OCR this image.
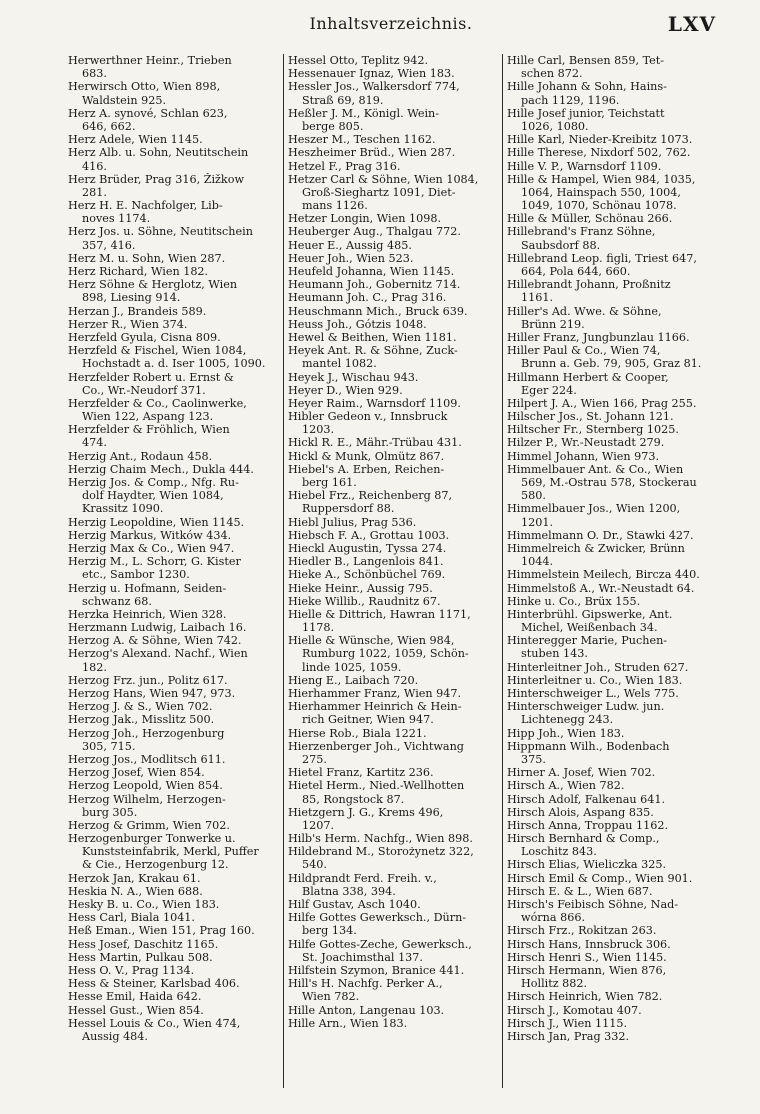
Inhaltsverzeichnis.	LXV
Herwerthner Heinr., Trieben
683.
Herwirsch Otto, Wien 898,
Waldstein 925.
Herz A. synové, Schlan 623,
646, 662.
Herz Adele, Wien 1145.
Herz Alb. u. Sohn, Neutitschein
416.
Herz Brüder, Prag 316, Žižkow
281.
Herz H. E. Nachfolger, Lib-
noves 1174.
Herz Jos. u. Söhne, Neutitschein
357, 416.
Herz M. u. Sohn, Wien 287.
Herz Richard, Wien 182.
Herz Söhne & Herglotz, Wien
898, Liesing 914.
Herzan J., Brandeis 589.
Herzer R., Wien 374.
Herzfeld Gyula, Cisna 809.
Herzfeld & Fischel, Wien 1084,
Hochstadt a. d. Iser 1005, 1090.
Herzfelder Robert u. Ernst &
Co., Wr.-Neudorf 371.
Herzfelder & Co., Caolinwerke,
Wien 122, Aspang 123.
Herzfelder & Fröhlich, Wien
474.
Herzig Ant., Rodaun 458.
Herzig Chaim Mech., Dukla 444.
Herzig Jos. & Comp., Nfg. Ru-
dolf Haydter, Wien 1084,
Krassitz 1090.
Herzig Leopoldine, Wien 1145.
Herzig Markus, Witków 434.
Herzig Max & Co., Wien 947.
Herzig M., L. Schorr, G. Kister
etc., Sambor 1230.
Herzig u. Hofmann, Seiden-
schwanz 68.
Herzka Heinrich, Wien 328.
Herzmann Ludwig, Laibach 16.
Herzog A. & Söhne, Wien 742.
Herzog's Alexand. Nachf., Wien
182.
Herzog Frz. jun., Politz 617.
Herzog Hans, Wien 947, 973.
Herzog J. & S., Wien 702.
Herzog Jak., Misslitz 500.
Herzog Joh., Herzogenburg
305, 715.
Herzog Jos., Modlitsch 611.
Herzog Josef, Wien 854.
Herzog Leopold, Wien 854.
Herzog Wilhelm, Herzogen-
burg 305.
Herzog & Grimm, Wien 702.
Herzogenburger Tonwerke u.
Kunststeinfabrik, Merkl, Puffer
& Cie., Herzogenburg 12.
Herzok Jan, Krakau 61.
Heskia N. A., Wien 688.
Hesky B. u. Co., Wien 183.
Hess Carl, Biala 1041.
Heß Eman., Wien 151, Prag 160.
Hess Josef, Daschitz 1165.
Hess Martin, Pulkau 508.
Hess O. V., Prag 1134.
Hess & Steiner, Karlsbad 406.
Hesse Emil, Haida 642.
Hessel Gust., Wien 854.
Hessel Louis & Co., Wien 474,
Aussig 484.
Hessel Otto, Teplitz 942.
Hessenauer Ignaz, Wien 183.
Hessler Jos., Walkersdorf 774,
Straß 69, 819.
Heßler J. M., Königl. Wein-
berge 805.
Heszer M., Teschen 1162.
Heszheimer Brüd., Wien 287.
Hetzel F., Prag 316.
Hetzer Carl & Söhne, Wien 1084,
Groß-Sieghartz 1091, Diet-
mans 1126.
Hetzer Longin, Wien 1098.
Heuberger Aug., Thalgau 772.
Heuer E., Aussig 485.
Heuer Joh., Wien 523.
Heufeld Johanna, Wien 1145.
Heumann Joh., Gobernitz 714.
Heumann Joh. C., Prag 316.
Heuschmann Mich., Bruck 639.
Heuss Joh., Gótzis 1048.
Hewel & Beithen, Wien 1181.
Heyek Ant. R. & Söhne, Zuck-
mantel 1082.
Heyek J., Wischau 943.
Heyer D., Wien 929.
Heyer Raim., Warnsdorf 1109.
Hibler Gedeon v., Innsbruck
1203.
Hickl R. E., Mähr.-Trübau 431.
Hickl & Munk, Olmütz 867.
Hiebel's A. Erben, Reichen-
berg 161.
Hiebel Frz., Reichenberg 87,
Ruppersdorf 88.
Hiebl Julius, Prag 536.
Hiebsch F. A., Grottau 1003.
Hieckl Augustin, Tyssa 274.
Hiedler B., Langenlois 841.
Hieke A., Schönbüchel 769.
Hieke Heinr., Aussig 795.
Hieke Willib., Raudnitz 67.
Hielle & Dittrich, Hawran 1171,
1178.
Hielle & Wünsche, Wien 984,
Rumburg 1022, 1059, Schön-
linde 1025, 1059.
Hieng E., Laibach 720.
Hierhammer Franz, Wien 947.
Hierhammer Heinrich & Hein-
rich Geitner, Wien 947.
Hierse Rob., Biala 1221.
Hierzenberger Joh., Vichtwang
275.
Hietel Franz, Kartitz 236.
Hietel Herm., Nied.-Wellhotten
85, Rongstock 87.
Hietzgern J. G., Krems 496,
1207.
Hilb's Herm. Nachfg., Wien 898.
Hildebrand M., Storożynetz 322,
540.
Hildprandt Ferd. Freih. v.,
Blatna 338, 394.
Hilf Gustav, Asch 1040.
Hilfe Gottes Gewerksch., Dürn-
berg 134.
Hilfe Gottes-Zeche, Gewerksch.,
St. Joachimsthal 137.
Hilfstein Szymon, Branice 441.
Hill's H. Nachfg. Perker A.,
Wien 782.
Hille Anton, Langenau 103.
Hille Arn., Wien 183.
Hille Carl, Bensen 859, Tet-
schen 872.
Hille Johann & Sohn, Hains-
pach 1129, 1196.
Hille Josef junior, Teichstatt
1026, 1080.
Hille Karl, Nieder-Kreibitz 1073.
Hille Therese, Nixdorf 502, 762.
Hille V. P., Warnsdorf 1109.
Hille & Hampel, Wien 984, 1035,
1064, Hainspach 550, 1004,
1049, 1070, Schönau 1078.
Hille & Müller, Schönau 266.
Hillebrand's Franz Söhne,
Saubsdorf 88.
Hillebrand Leop. figli, Triest 647,
664, Pola 644, 660.
Hillebrandt Johann, Proßnitz
1161.
Hiller's Ad. Wwe. & Söhne,
Brünn 219.
Hiller Franz, Jungbunzlau 1166.
Hiller Paul & Co., Wien 74,
Brunn a. Geb. 79, 905, Graz 81.
Hillmann Herbert & Cooper,
Eger 224.
Hilpert J. A., Wien 166, Prag 255.
Hilscher Jos., St. Johann 121.
Hiltscher Fr., Sternberg 1025.
Hilzer P., Wr.-Neustadt 279.
Himmel Johann, Wien 973.
Himmelbauer Ant. & Co., Wien
569, M.-Ostrau 578, Stockerau
580.
Himmelbauer Jos., Wien 1200,
1201.
Himmelmann O. Dr., Stawki 427.
Himmelreich & Zwicker, Brünn
1044.
Himmelstein Meilech, Bircza 440.
Himmelstoß A., Wr.-Neustadt 64.
Hinke u. Co., Brüx 155.
Hinterbrühl. Gipswerke, Ant.
Michel, Weißenbach 34.
Hinteregger Marie, Puchen-
stuben 143.
Hinterleitner Joh., Struden 627.
Hinterleitner u. Co., Wien 183.
Hinterschweiger L., Wels 775.
Hinterschweiger Ludw. jun.
Lichtenegg 243.
Hipp Joh., Wien 183.
Hippmann Wilh., Bodenbach
375.
Hirner A. Josef, Wien 702.
Hirsch A., Wien 782.
Hirsch Adolf, Falkenau 641.
Hirsch Alois, Aspang 835.
Hirsch Anna, Troppau 1162.
Hirsch Bernhard & Comp.,
Loschitz 843.
Hirsch Elias, Wieliczka 325.
Hirsch Emil & Comp., Wien 901.
Hirsch E. & L., Wien 687.
Hirsch's Feibisch Söhne, Nad-
wórna 866.
Hirsch Frz., Rokitzan 263.
Hirsch Hans, Innsbruck 306.
Hirsch Henri S., Wien 1145.
Hirsch Hermann, Wien 876,
Hollitz 882.
Hirsch Heinrich, Wien 782.
Hirsch J., Komotau 407.
Hirsch J., Wien 1115.
Hirsch Jan, Prag 332.
